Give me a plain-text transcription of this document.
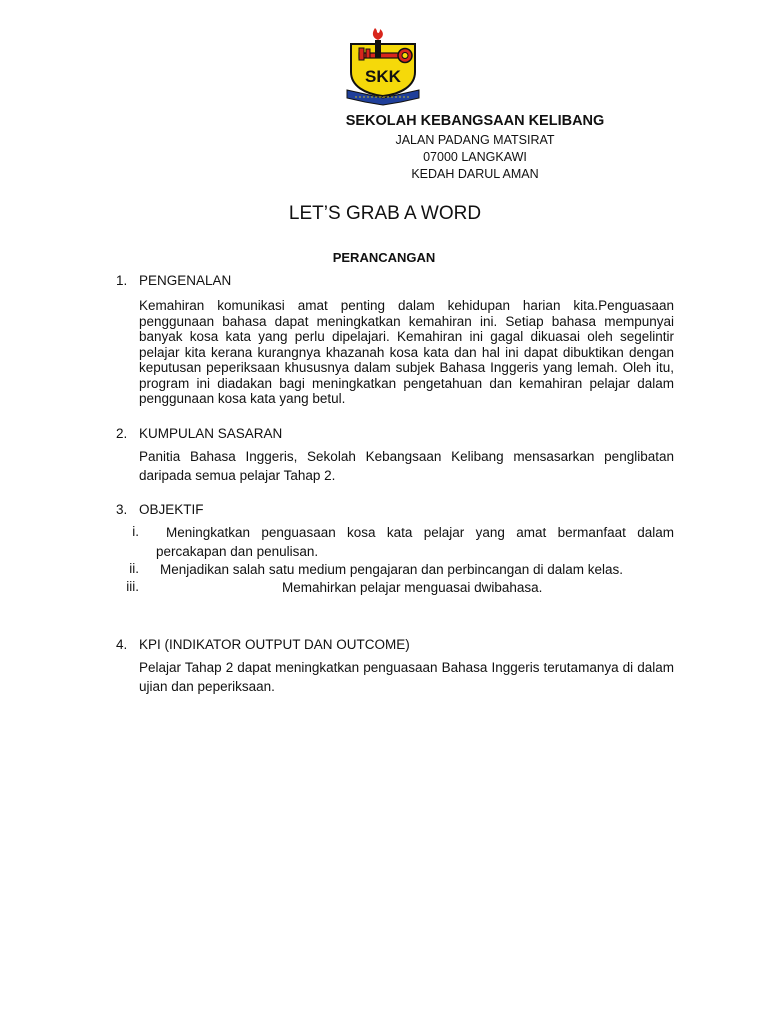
SKK
SEKOLAH KEBANGSAAN KELIBANG
JALAN PADANG MATSIRAT
07000 LANGKAWI
KEDAH DARUL AMAN
LET’S GRAB A WORD
PERANCANGAN
1. PENGENALAN
Kemahiran komunikasi amat penting dalam kehidupan harian kita.Penguasaan penggunaan bahasa dapat meningkatkan kemahiran ini. Setiap bahasa mempunyai banyak kosa kata yang perlu dipelajari. Kemahiran ini gagal dikuasai oleh segelintir pelajar kita kerana kurangnya khazanah kosa kata dan hal ini dapat dibuktikan dengan keputusan peperiksaan khususnya dalam subjek Bahasa Inggeris yang lemah. Oleh itu, program ini diadakan bagi meningkatkan pengetahuan dan kemahiran pelajar dalam penggunaan kosa kata yang betul.
2. KUMPULAN SASARAN
Panitia Bahasa Inggeris, Sekolah Kebangsaan Kelibang mensasarkan penglibatan daripada semua pelajar Tahap 2.
3. OBJEKTIF
i.	Meningkatkan penguasaan kosa kata pelajar yang amat bermanfaat dalam percakapan dan penulisan.
ii. Menjadikan salah satu medium pengajaran dan perbincangan di dalam kelas.
iii.	Memahirkan pelajar menguasai dwibahasa.
4. KPI (INDIKATOR OUTPUT DAN OUTCOME)
Pelajar Tahap 2 dapat meningkatkan penguasaan Bahasa Inggeris terutamanya di dalam ujian dan peperiksaan.
